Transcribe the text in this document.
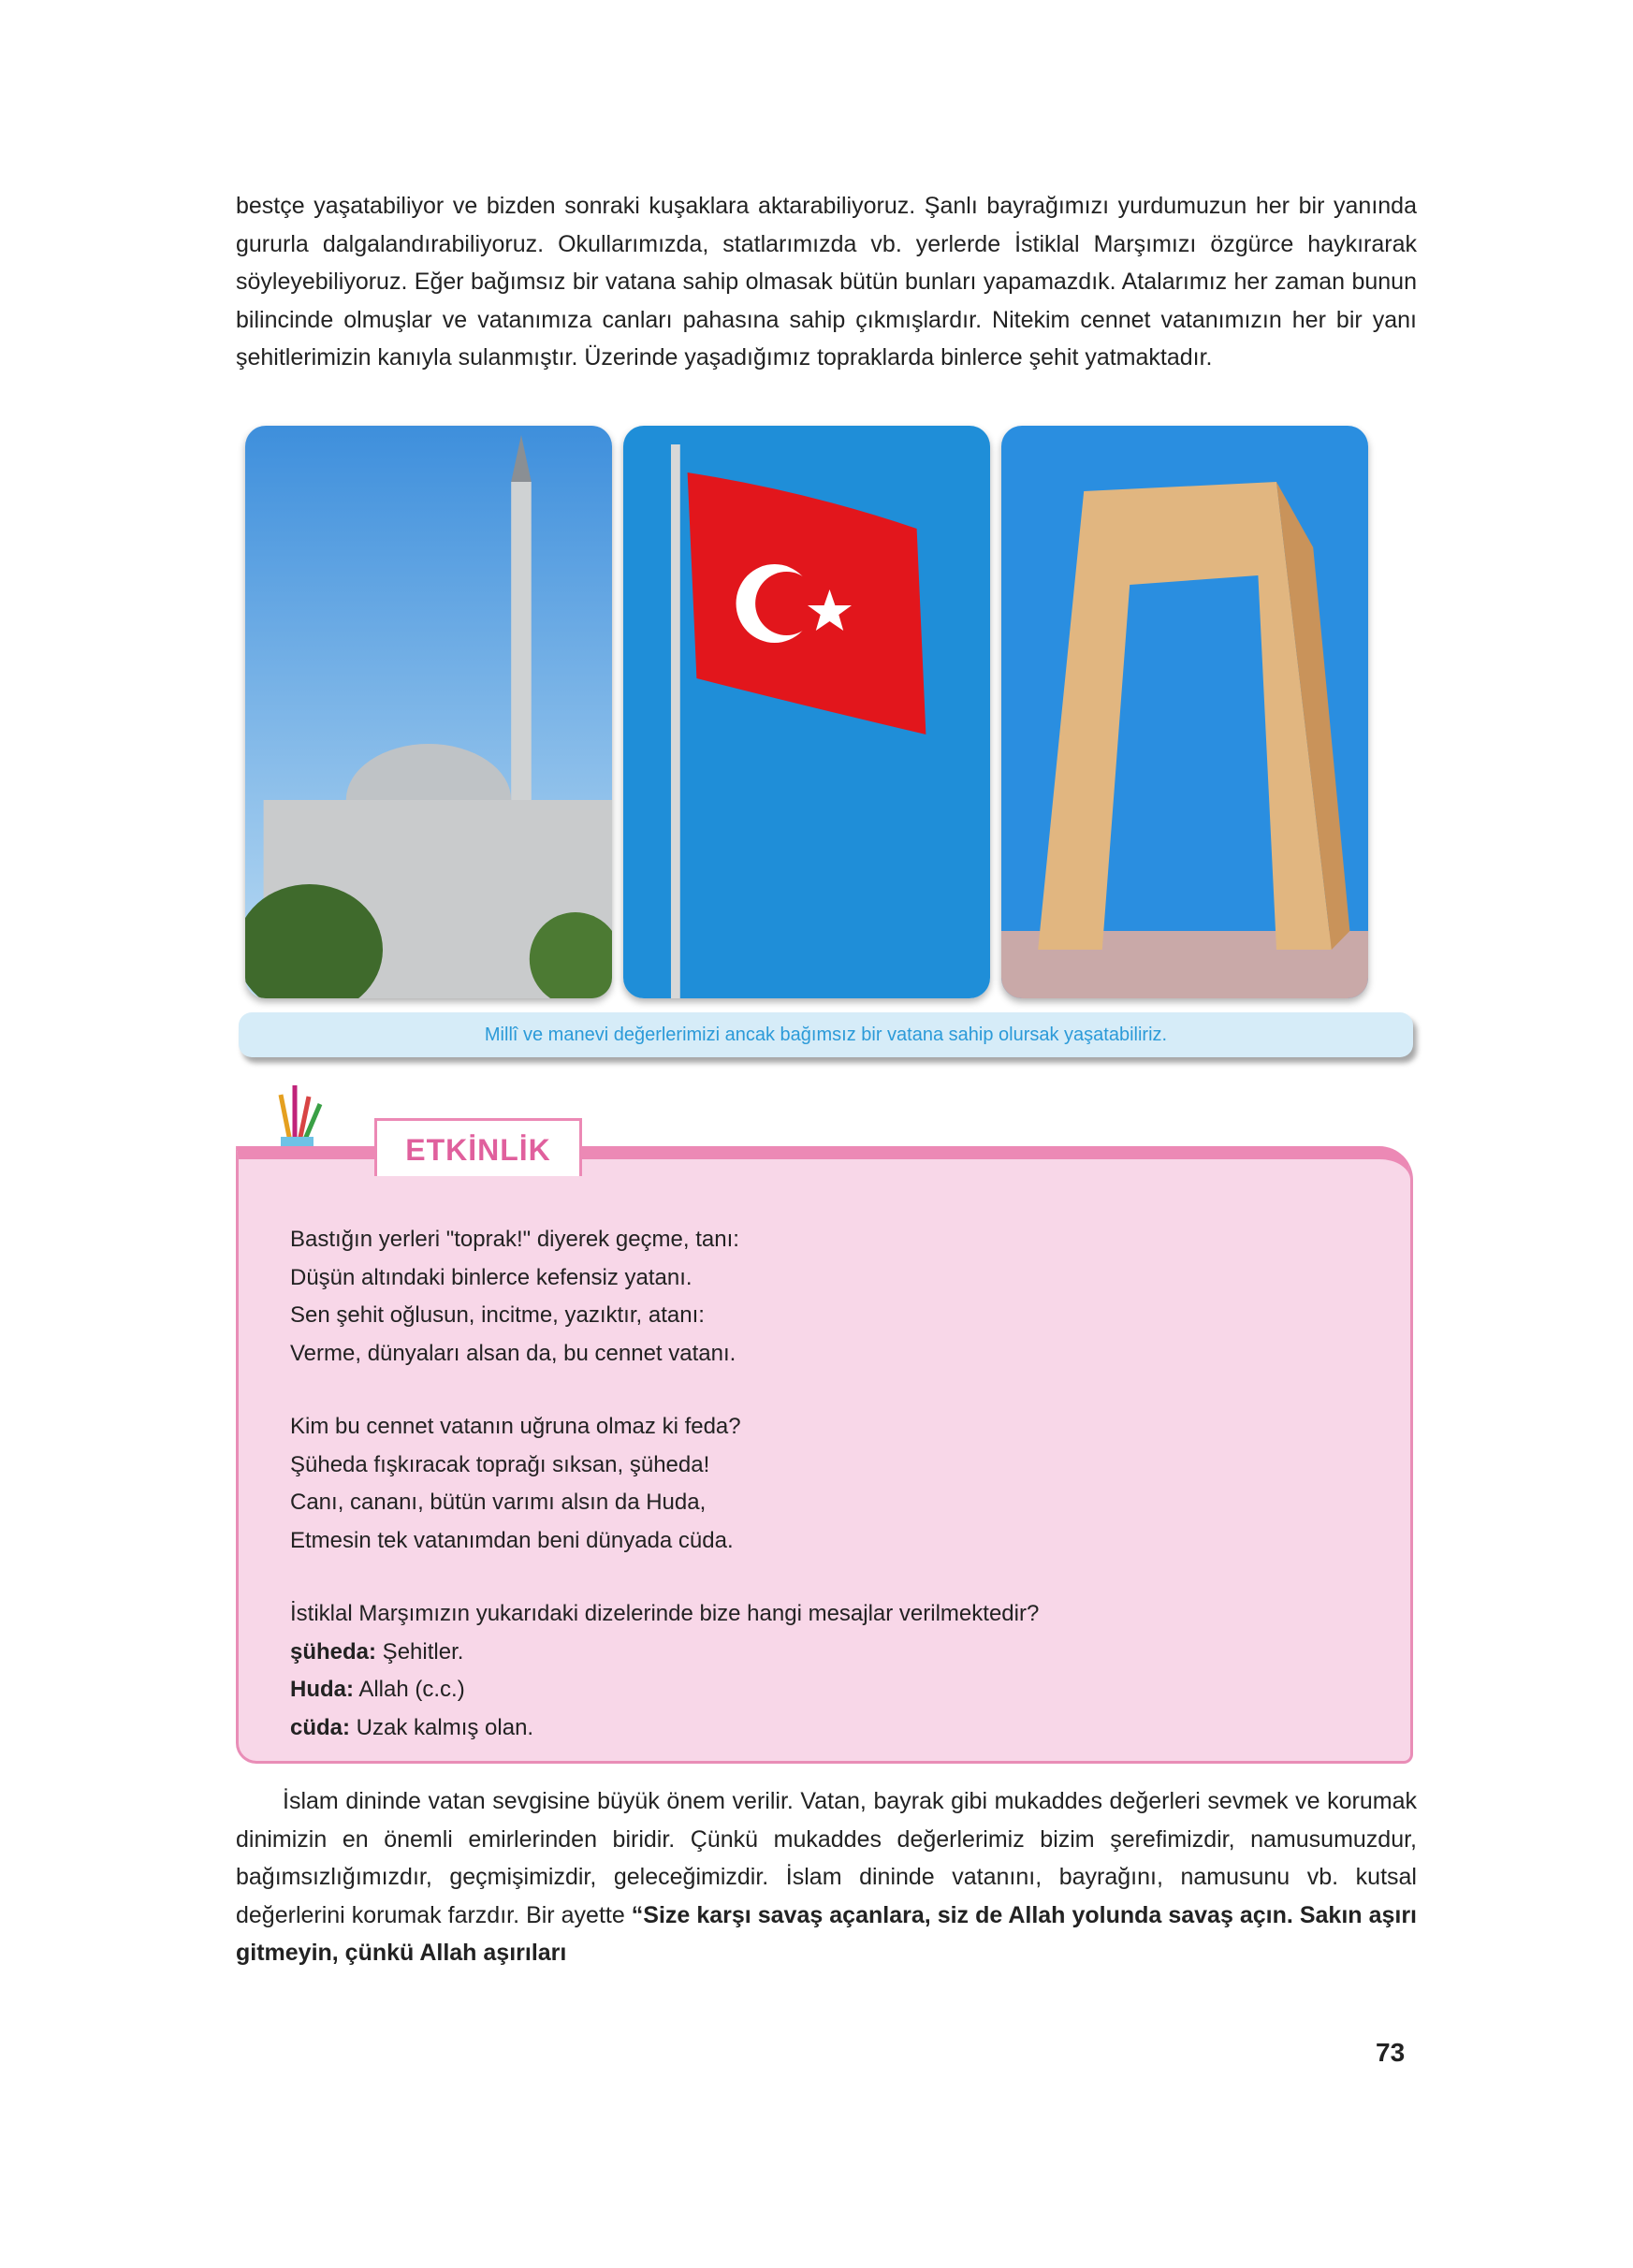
bestçe yaşatabiliyor ve bizden sonraki kuşaklara aktarabiliyoruz. Şanlı bayrağımızı yurdumuzun her bir yanında gururla dalgalandırabiliyoruz. Okullarımızda, statlarımızda vb. yerlerde İstiklal Marşımızı özgürce haykırarak söyleyebiliyoruz. Eğer bağımsız bir vatana sahip olmasak bütün bunları yapamazdık. Atalarımız her zaman bunun bilincinde olmuşlar ve vatanımıza canları pahasına sahip çıkmışlardır. Nitekim cennet vatanımızın her bir yanı şehitlerimizin kanıyla sulanmıştır. Üzerinde yaşadığımız topraklarda binlerce şehit yatmaktadır.

Millî ve manevi değerlerimizi ancak bağımsız bir vatana sahip olursak yaşatabiliriz.
ETKİNLİK

Bastığın yerleri "toprak!" diyerek geçme, tanı:

Düşün altındaki binlerce kefensiz yatanı.

Sen şehit oğlusun, incitme, yazıktır, atanı:

Verme, dünyaları alsan da, bu cennet vatanı.

Kim bu cennet vatanın uğruna olmaz ki feda?

Şüheda fışkıracak toprağı sıksan, şüheda!

Canı, cananı, bütün varımı alsın da Huda,

Etmesin tek vatanımdan beni dünyada cüda.

İstiklal Marşımızın yukarıdaki dizelerinde bize hangi mesajlar verilmektedir?

şüheda: Şehitler.

Huda: Allah (c.c.)

cüda: Uzak kalmış olan.

İslam dininde vatan sevgisine büyük önem verilir. Vatan, bayrak gibi mukaddes değerleri sevmek ve korumak dinimizin en önemli emirlerinden biridir. Çünkü mukaddes değerlerimiz bizim şerefimizdir, namusumuzdur, bağımsızlığımızdır, geçmişimizdir, geleceğimizdir. İslam dininde vatanını, bayrağını, namusunu vb. kutsal değerlerini korumak farzdır. Bir ayette “Size karşı savaş açanlara, siz de Allah yolunda savaş açın. Sakın aşırı gitmeyin, çünkü Allah aşırıları

73
